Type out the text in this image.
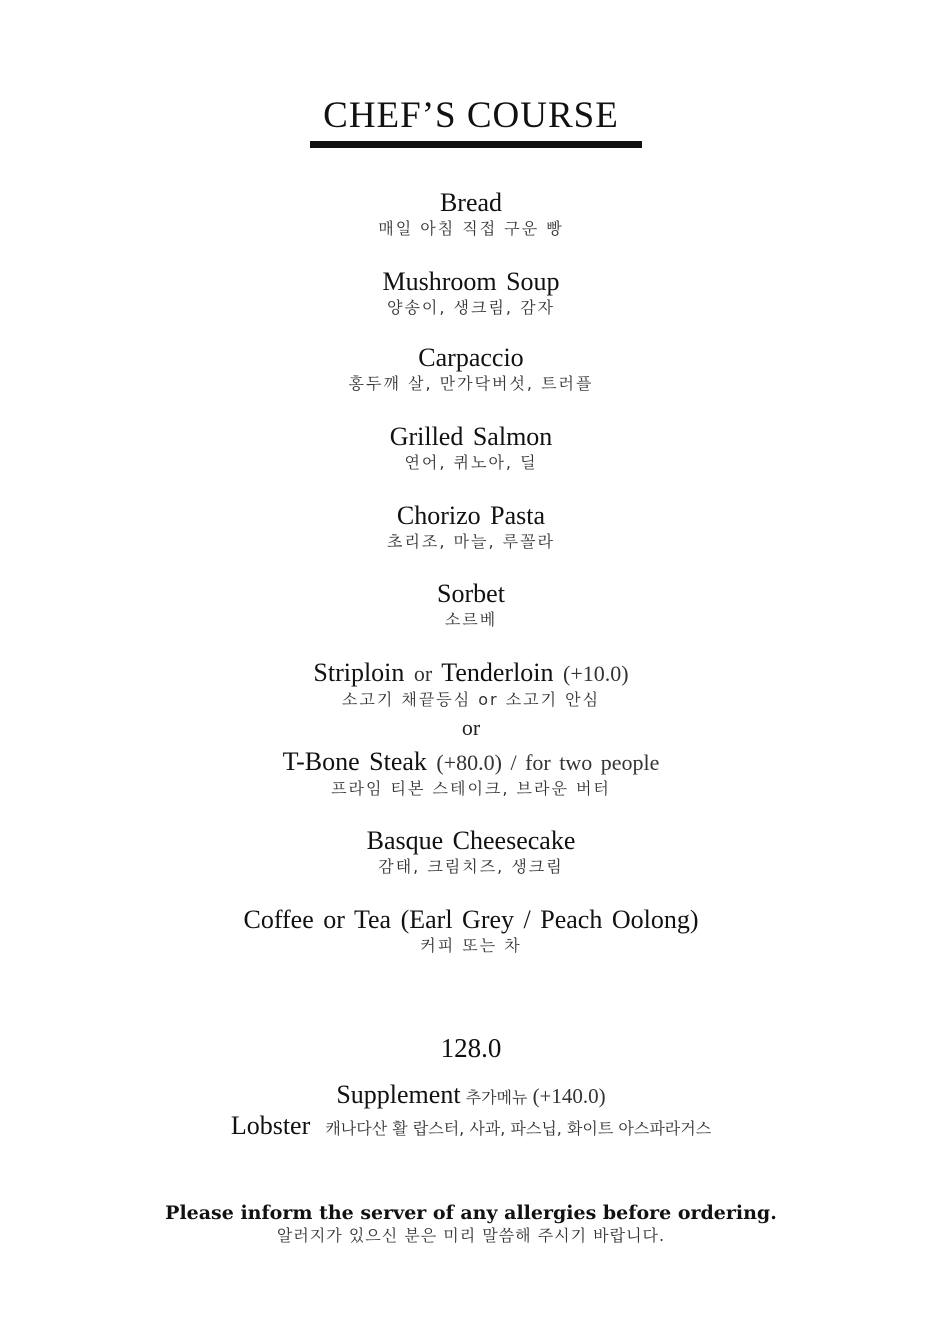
CHEF’S COURSE
Bread
매일 아침 직접 구운 빵
Mushroom Soup
양송이, 생크림, 감자
Carpaccio
홍두깨 살, 만가닥버섯, 트러플
Grilled Salmon
연어, 퀴노아, 딜
Chorizo Pasta
초리조, 마늘, 루꼴라
Sorbet
소르베
Striploin or Tenderloin (+10.0)
소고기 채끝등심 or 소고기 안심
or
T-Bone Steak (+80.0) / for two people
프라임 티본 스테이크, 브라운 버터
Basque Cheesecake
감태, 크림치즈, 생크림
Coffee or Tea (Earl Grey / Peach Oolong)
커피 또는 차
128.0
Supplement 추가메뉴 (+140.0)
Lobster 캐나다산 활 랍스터, 사과, 파스닙, 화이트 아스파라거스
Please inform the server of any allergies before ordering.
알러지가 있으신 분은 미리 말씀해 주시기 바랍니다.
